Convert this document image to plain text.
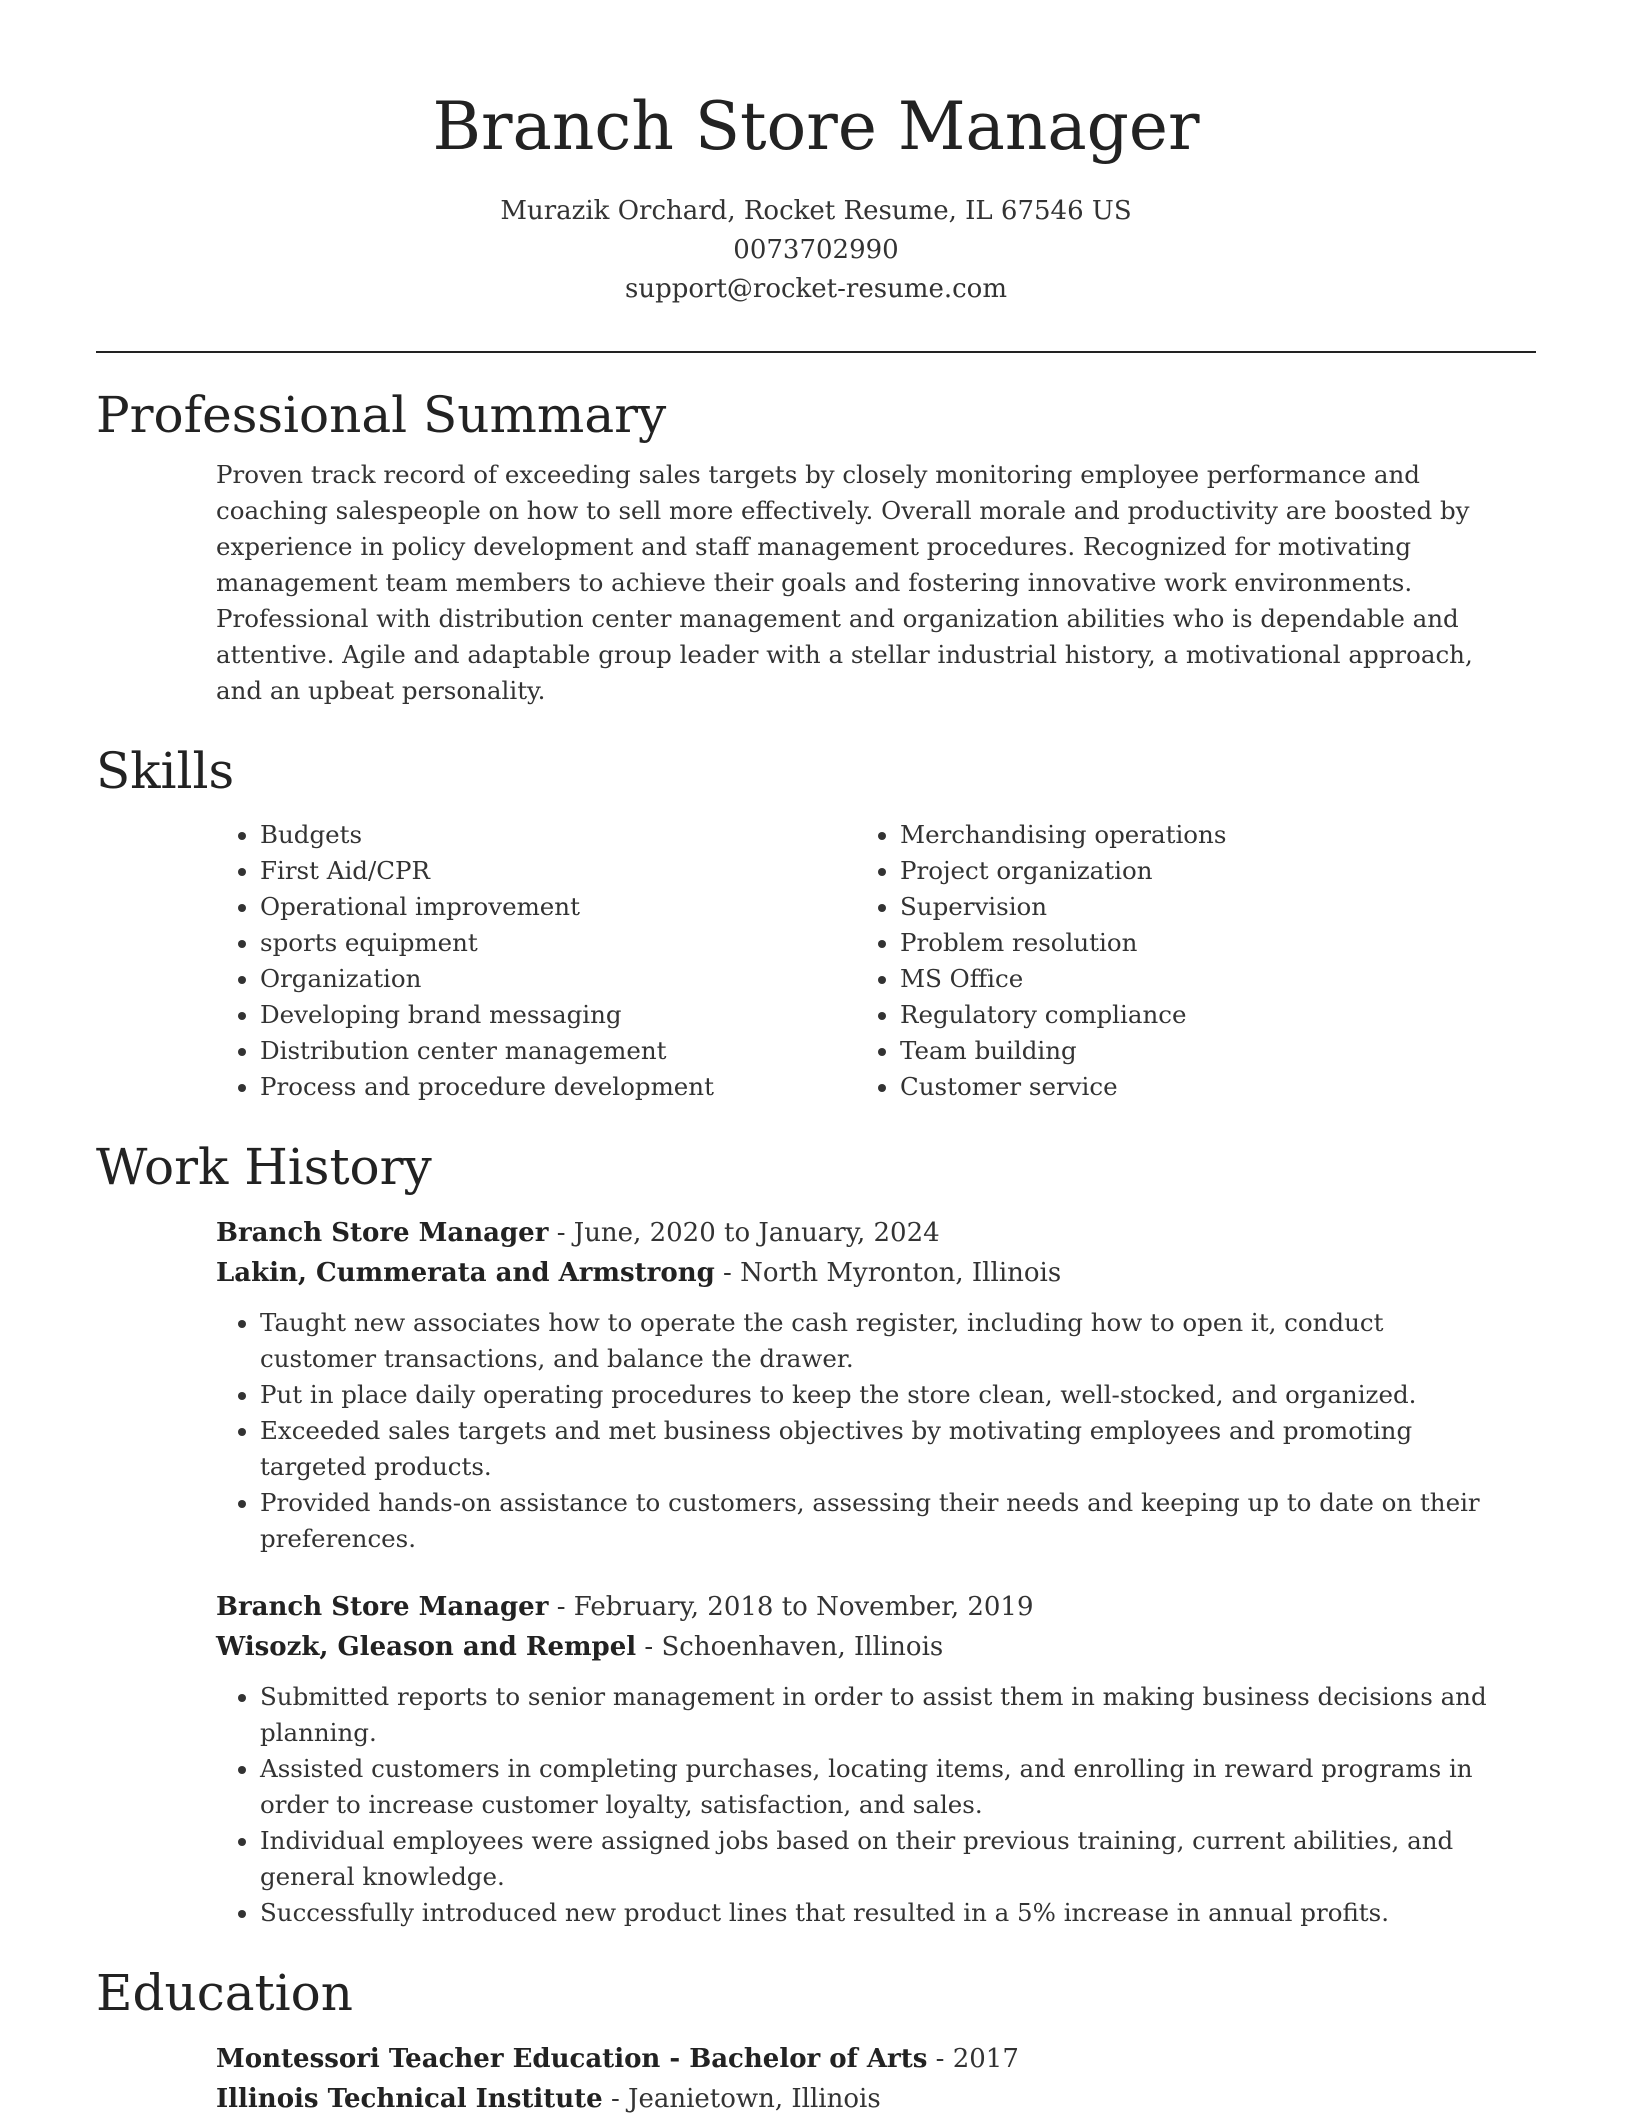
Branch Store Manager
Murazik Orchard, Rocket Resume, IL 67546 US
0073702990
support@rocket-resume.com
Professional Summary

Proven track record of exceeding sales targets by closely monitoring employee performance and coaching salespeople on how to sell more effectively. Overall morale and productivity are boosted by experience in policy development and staff management procedures. Recognized for motivating management team members to achieve their goals and fostering innovative work environments. Professional with distribution center management and organization abilities who is dependable and attentive. Agile and adaptable group leader with a stellar industrial history, a motivational approach, and an upbeat personality.

Skills
• Budgets
• First Aid/CPR
• Operational improvement
• sports equipment
• Organization
• Developing brand messaging
• Distribution center management
• Process and procedure development
• Merchandising operations
• Project organization
• Supervision
• Problem resolution
• MS Office
• Regulatory compliance
• Team building
• Customer service
Work History
Branch Store Manager - June, 2020 to January, 2024
Lakin, Cummerata and Armstrong - North Myronton, Illinois
• Taught new associates how to operate the cash register, including how to open it, conduct customer transactions, and balance the drawer.
• Put in place daily operating procedures to keep the store clean, well-stocked, and organized.
• Exceeded sales targets and met business objectives by motivating employees and promoting targeted products.
• Provided hands-on assistance to customers, assessing their needs and keeping up to date on their preferences.
Branch Store Manager - February, 2018 to November, 2019
Wisozk, Gleason and Rempel - Schoenhaven, Illinois
• Submitted reports to senior management in order to assist them in making business decisions and planning.
• Assisted customers in completing purchases, locating items, and enrolling in reward programs in order to increase customer loyalty, satisfaction, and sales.
• Individual employees were assigned jobs based on their previous training, current abilities, and general knowledge.
• Successfully introduced new product lines that resulted in a 5% increase in annual profits.
Education
Montessori Teacher Education - Bachelor of Arts - 2017
Illinois Technical Institute - Jeanietown, Illinois
